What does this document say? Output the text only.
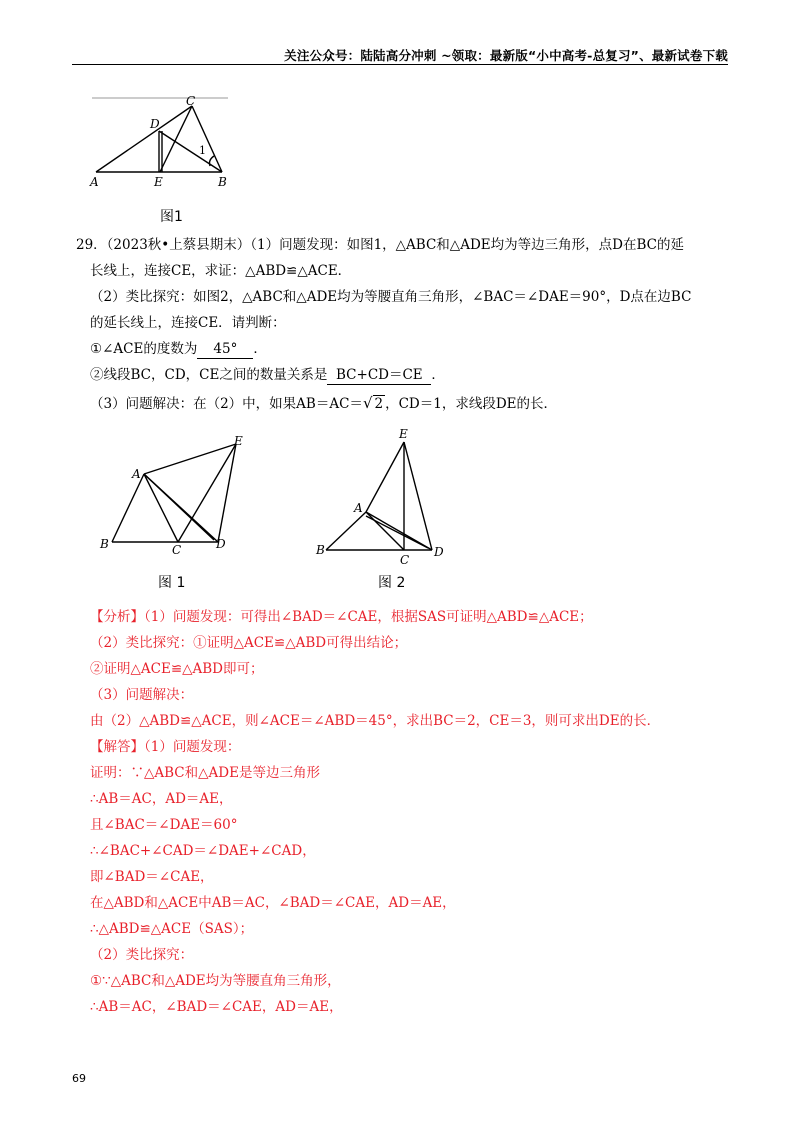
关注公众号：陆陆高分冲刺 ~领取：最新版“小中高考-总复习”、最新试卷下载
C
D
1
A	E	B
图1
29．（2023秋•上蔡县期末）（1）问题发现：如图1，△ABC和△ADE均为等边三角形，点D在BC的延
长线上，连接CE，求证：△ABD≌△ACE．
（2）类比探究：如图2，△ABC和△ADE均为等腰直角三角形，∠BAC＝∠DAE＝90°，D点在边BC
的延长线上，连接CE．请判断：
①∠ACE的度数为 45° ．
②线段BC，CD，CE之间的数量关系是 BC+CD＝CE ．
（3）问题解决：在（2）中，如果AB＝AC＝√ 2 ，CD＝1，求线段DE的长．
E
A
B	C	D
图 1
E
A
B
C
D
图 2
【分析】（1）问题发现：可得出∠BAD＝∠CAE，根据SAS可证明△ABD≌△ACE；
（2）类比探究：①证明△ACE≌△ABD可得出结论；
②证明△ACE≌△ABD即可；
（3）问题解决：
由（2）△ABD≌△ACE，则∠ACE＝∠ABD＝45°，求出BC＝2，CE＝3，则可求出DE的长．
【解答】（1）问题发现：
证明：∵△ABC和△ADE是等边三角形
∴AB＝AC，AD＝AE，
且∠BAC＝∠DAE＝60°
∴∠BAC+∠CAD＝∠DAE+∠CAD，
即∠BAD＝∠CAE，
在△ABD和△ACE中AB＝AC，∠BAD＝∠CAE，AD＝AE，
∴△ABD≌△ACE（SAS）；
（2）类比探究：
①∵△ABC和△ADE均为等腰直角三角形，
∴AB＝AC，∠BAD＝∠CAE，AD＝AE，
69
